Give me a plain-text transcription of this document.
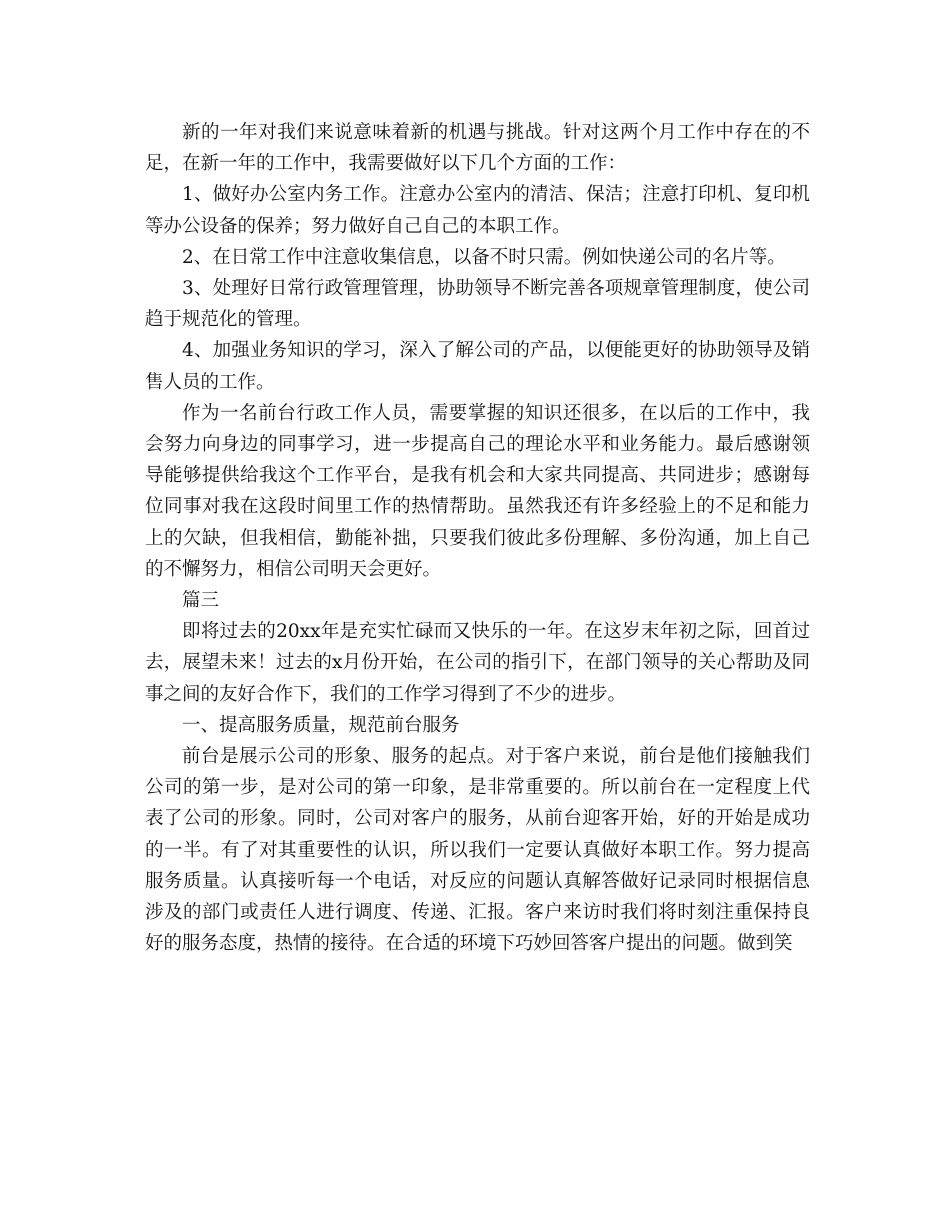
新的一年对我们来说意味着新的机遇与挑战。针对这两个月工作中存在的不足，在新一年的工作中，我需要做好以下几个方面的工作：

1、做好办公室内务工作。注意办公室内的清洁、保洁；注意打印机、复印机等办公设备的保养；努力做好自己自己的本职工作。

2、在日常工作中注意收集信息，以备不时只需。例如快递公司的名片等。

3、处理好日常行政管理管理，协助领导不断完善各项规章管理制度，使公司趋于规范化的管理。

4、加强业务知识的学习，深入了解公司的产品，以便能更好的协助领导及销售人员的工作。

作为一名前台行政工作人员，需要掌握的知识还很多，在以后的工作中，我会努力向身边的同事学习，进一步提高自己的理论水平和业务能力。最后感谢领导能够提供给我这个工作平台，是我有机会和大家共同提高、共同进步；感谢每位同事对我在这段时间里工作的热情帮助。虽然我还有许多经验上的不足和能力上的欠缺，但我相信，勤能补拙，只要我们彼此多份理解、多份沟通，加上自己的不懈努力，相信公司明天会更好。

篇三

即将过去的20xx年是充实忙碌而又快乐的一年。在这岁末年初之际，回首过去，展望未来！过去的x月份开始，在公司的指引下，在部门领导的关心帮助及同事之间的友好合作下，我们的工作学习得到了不少的进步。

一、提高服务质量，规范前台服务

前台是展示公司的形象、服务的起点。对于客户来说，前台是他们接触我们公司的第一步，是对公司的第一印象，是非常重要的。所以前台在一定程度上代表了公司的形象。同时，公司对客户的服务，从前台迎客开始，好的开始是成功的一半。有了对其重要性的认识，所以我们一定要认真做好本职工作。努力提高服务质量。认真接听每一个电话，对反应的问题认真解答做好记录同时根据信息涉及的部门或责任人进行调度、传递、汇报。客户来访时我们将时刻注重保持良好的服务态度，热情的接待。在合适的环境下巧妙回答客户提出的问题。做到笑
